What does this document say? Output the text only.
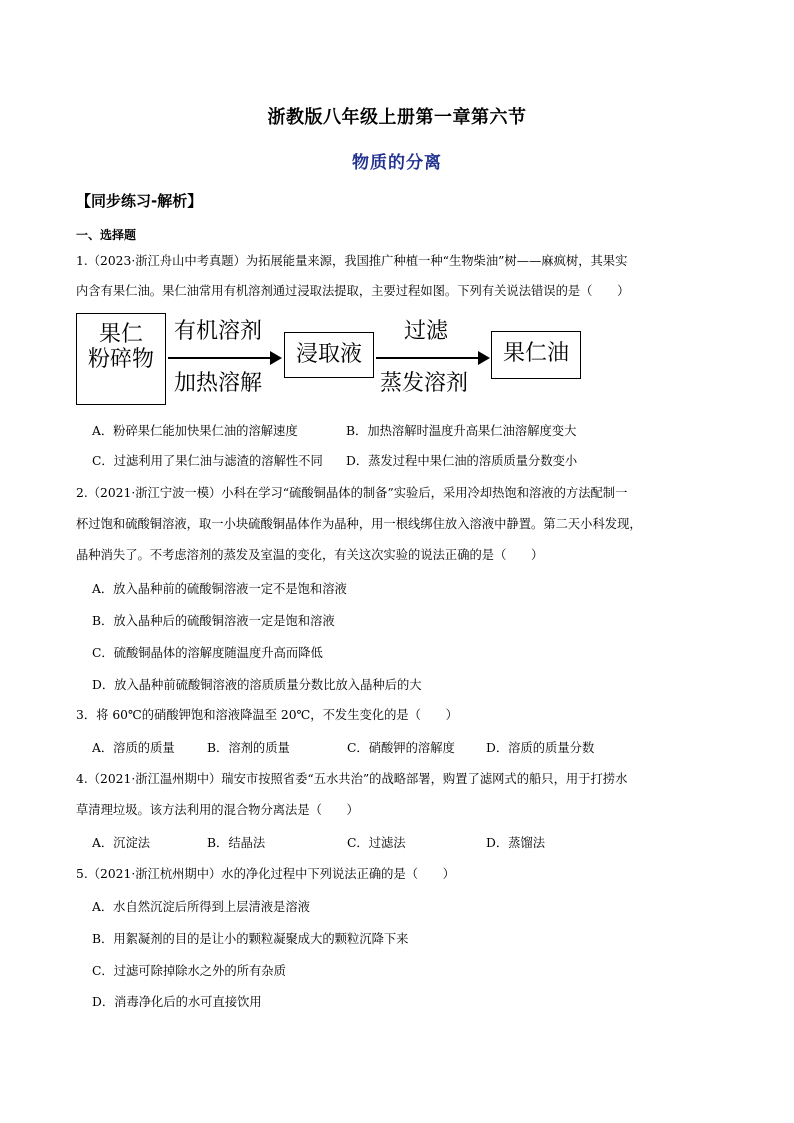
浙教版八年级上册第一章第六节
物质的分离
【同步练习-解析】
一、选择题
1.（2023·浙江舟山中考真题）为拓展能量来源，我国推广种植一种“生物柴油”树——麻疯树，其果实
内含有果仁油。果仁油常用有机溶剂通过浸取法提取，主要过程如图。下列有关说法错误的是（　　）
果仁
粉碎物
有机溶剂
加热溶解
浸取液
过滤
蒸发溶剂
果仁油
A．粉碎果仁能加快果仁油的溶解速度	B．加热溶解时温度升高果仁油溶解度变大
C．过滤利用了果仁油与滤渣的溶解性不同 D．蒸发过程中果仁油的溶质质量分数变小
2.（2021·浙江宁波一模）小科在学习“硫酸铜晶体的制备”实验后，采用冷却热饱和溶液的方法配制一
杯过饱和硫酸铜溶液，取一小块硫酸铜晶体作为晶种，用一根线绑住放入溶液中静置。第二天小科发现，
晶种消失了。不考虑溶剂的蒸发及室温的变化，有关这次实验的说法正确的是（　　）
A．放入晶种前的硫酸铜溶液一定不是饱和溶液
B．放入晶种后的硫酸铜溶液一定是饱和溶液
C．硫酸铜晶体的溶解度随温度升高而降低
D．放入晶种前硫酸铜溶液的溶质质量分数比放入晶种后的大
3．将 60℃的硝酸钾饱和溶液降温至 20℃，不发生变化的是（　　）
A．溶质的质量	B．溶剂的质量	C．硝酸钾的溶解度	D．溶质的质量分数
4.（2021·浙江温州期中）瑞安市按照省委“五水共治”的战略部署，购置了滤网式的船只，用于打捞水
草清理垃圾。该方法利用的混合物分离法是（　　）
A．沉淀法	B．结晶法	C．过滤法	D．蒸馏法
5.（2021·浙江杭州期中）水的净化过程中下列说法正确的是（　　）
A．水自然沉淀后所得到上层清液是溶液
B．用絮凝剂的目的是让小的颗粒凝聚成大的颗粒沉降下来
C．过滤可除掉除水之外的所有杂质
D．消毒净化后的水可直接饮用
